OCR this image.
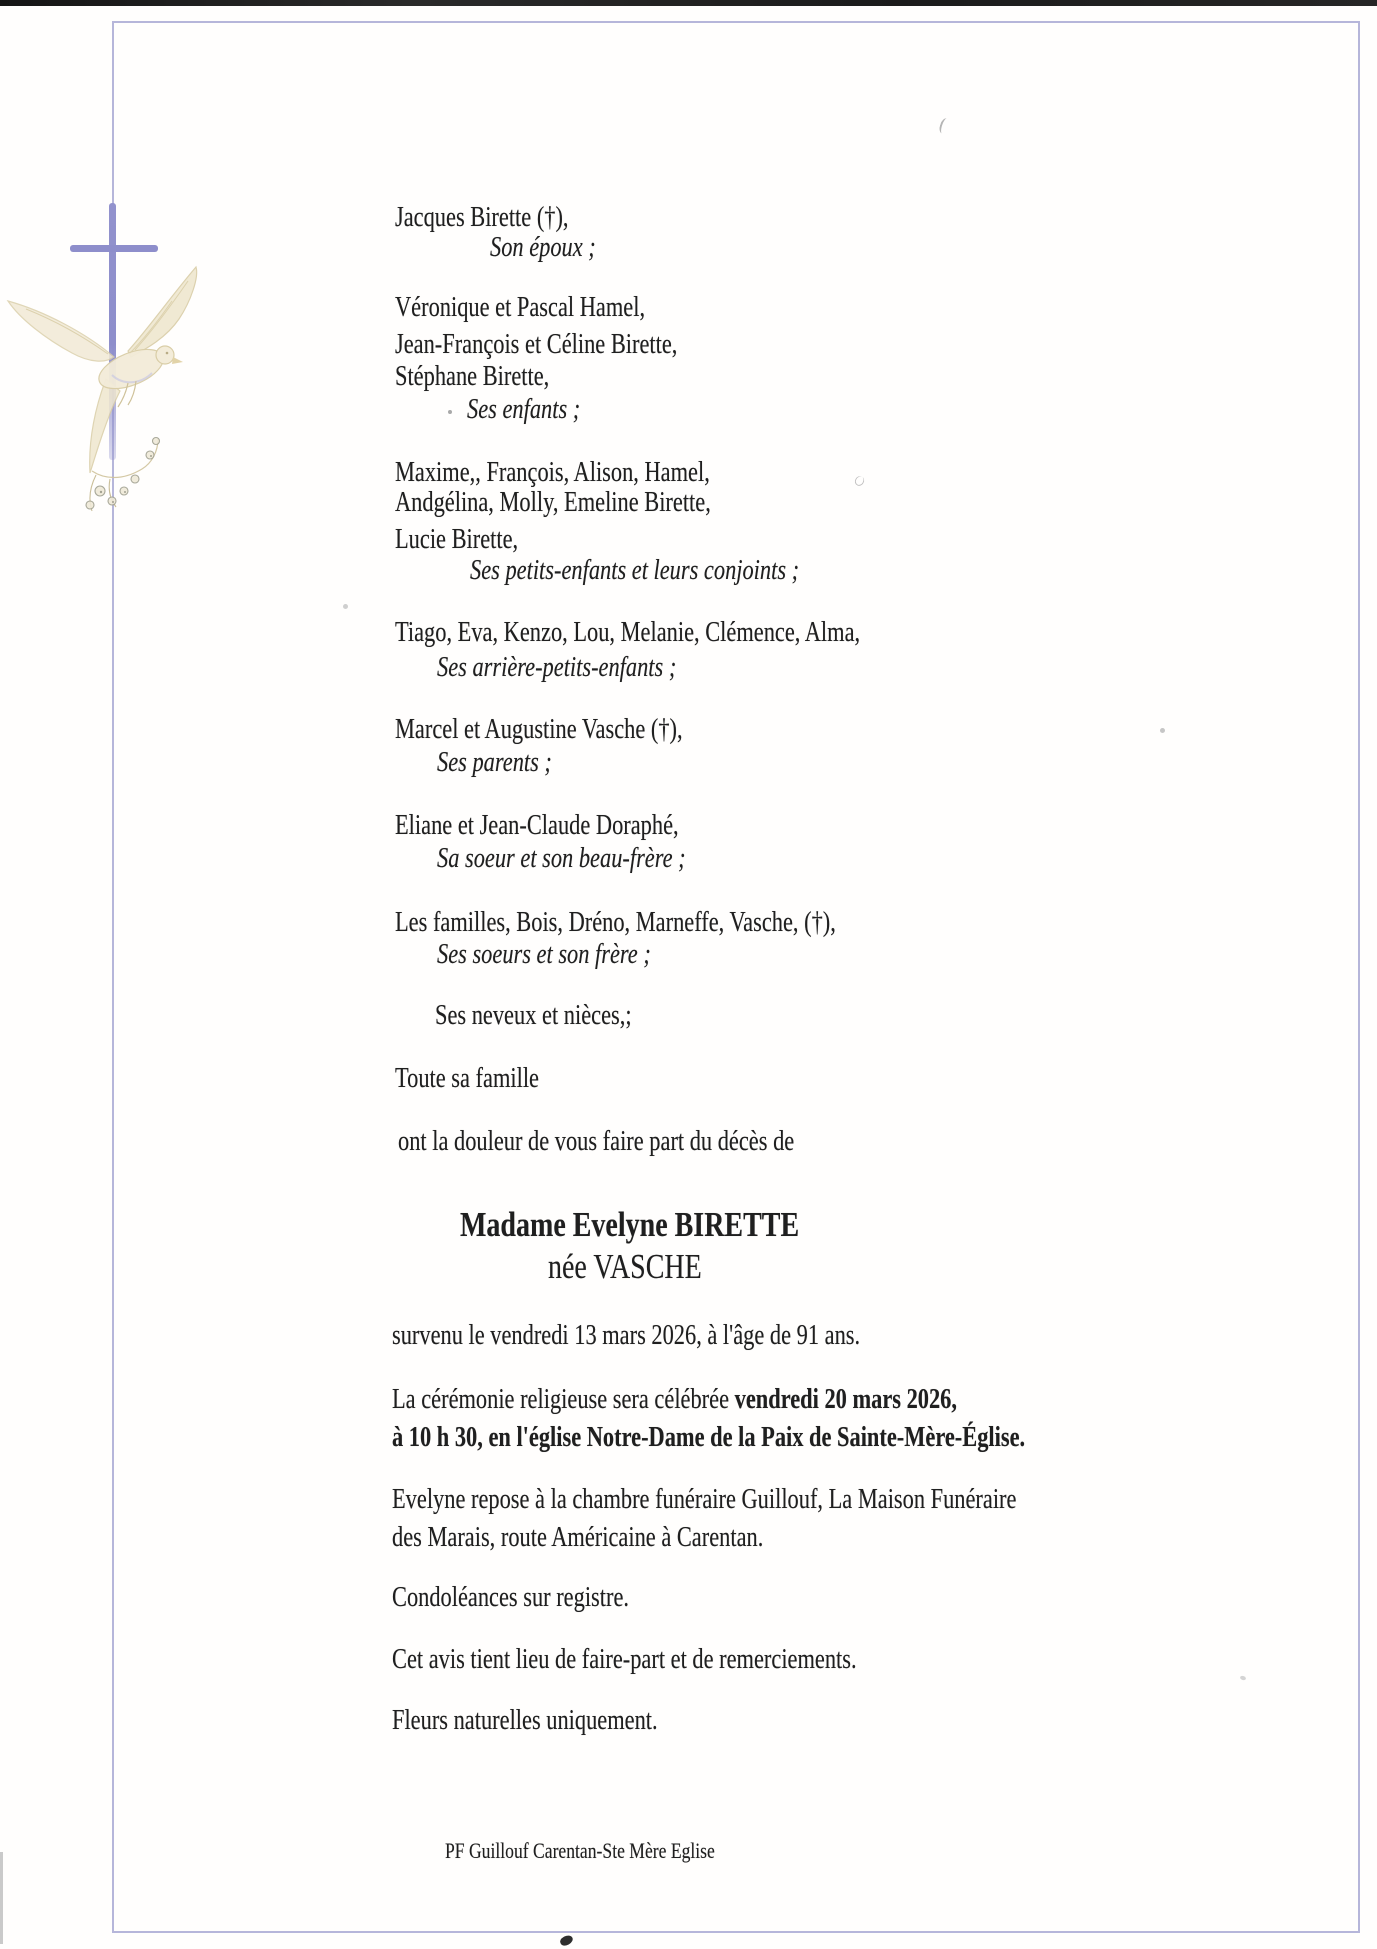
Jacques Birette (†),
Son époux ;
Véronique et Pascal Hamel,
Jean-François et Céline Birette,
Stéphane Birette,
Ses enfants ;
Maxime,, François, Alison, Hamel,
Andgélina, Molly, Emeline Birette,
Lucie Birette,
Ses petits-enfants et leurs conjoints ;
Tiago, Eva, Kenzo, Lou, Melanie, Clémence, Alma,
Ses arrière-petits-enfants ;
Marcel et Augustine Vasche (†),
Ses parents ;
Eliane et Jean-Claude Doraphé,
Sa soeur et son beau-frère ;
Les familles, Bois, Dréno, Marneffe, Vasche, (†),
Ses soeurs et son frère ;
Ses neveux et nièces,;
Toute sa famille
ont la douleur de vous faire part du décès de
Madame Evelyne BIRETTE
née VASCHE
survenu le vendredi 13 mars 2026, à l'âge de 91 ans.
La cérémonie religieuse sera célébrée vendredi 20 mars 2026,
à 10 h 30, en l'église Notre-Dame de la Paix de Sainte-Mère-Église.
Evelyne repose à la chambre funéraire Guillouf, La Maison Funéraire
des Marais, route Américaine à Carentan.
Condoléances sur registre.
Cet avis tient lieu de faire-part et de remerciements.
Fleurs naturelles uniquement.
PF Guillouf Carentan-Ste Mère Eglise
